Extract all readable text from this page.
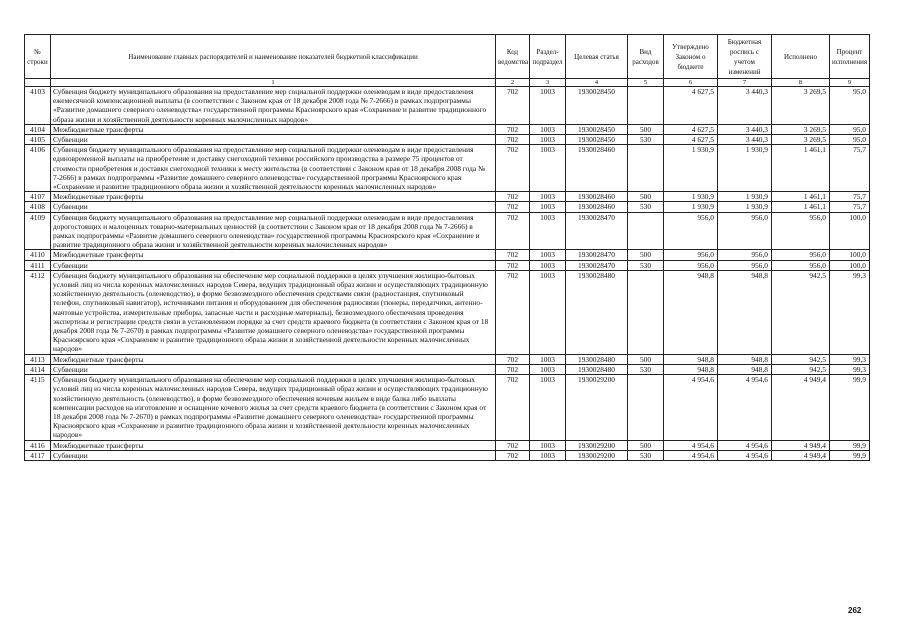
№ строки	Наименование главных распорядителей и наименование показателей бюджетной классификации	Код ведомства	Раздел-подраздел	Целевая статья	Вид расходов	Утверждено Законом о бюджете	Бюджетная роспись с учетом изменений	Исполнено	Процент исполнения
	1	2	3	4	5	6	7	8	9
4103	Субвенция бюджету муниципального образования на предоставление мер социальной поддержки оленеводам в виде предоставления ежемесячной компенсационной выплаты (в соответствии с Законом края от 18 декабря 2008 года № 7-2666) в рамках подпрограммы «Развитие домашнего северного оленеводства» государственной программы Красноярского края «Сохранение и развитие традиционного образа жизни и хозяйственной деятельности коренных малочисленных народов»	702	1003	1930028450		4 627,5	3 440,3	3 269,5	95,0
4104	Межбюджетные трансферты	702	1003	1930028450	500	4 627,5	3 440,3	3 269,5	95,0
4105	Субвенции	702	1003	1930028450	530	4 627,5	3 440,3	3 269,5	95,0
4106	Субвенция бюджету муниципального образования на предоставление мер социальной поддержки оленеводам в виде предоставления единовременной выплаты на приобретение и доставку снегоходной техники российского производства в размере 75 процентов от стоимости приобретения и доставки снегоходной техники к месту жительства (в соответствии с Законом края от 18 декабря 2008 года № 7-2666) в рамках подпрограммы «Развитие домашнего северного оленеводства» государственной программы Красноярского края «Сохранение и развитие традиционного образа жизни и хозяйственной деятельности коренных малочисленных народов»	702	1003	1930028460		1 930,9	1 930,9	1 461,1	75,7
4107	Межбюджетные трансферты	702	1003	1930028460	500	1 930,9	1 930,9	1 461,1	75,7
4108	Субвенции	702	1003	1930028460	530	1 930,9	1 930,9	1 461,1	75,7
4109	Субвенция бюджету муниципального образования на предоставление мер социальной поддержки оленеводам в виде предоставления дорогостоящих и малоценных товарно-материальных ценностей (в соответствии с Законом края от 18 декабря 2008 года № 7-2666) в рамках подпрограммы «Развитие домашнего северного оленеводства» государственной программы Красноярского края «Сохранение и развитие традиционного образа жизни и хозяйственной деятельности коренных малочисленных народов»	702	1003	1930028470		956,0	956,0	956,0	100,0
4110	Межбюджетные трансферты	702	1003	1930028470	500	956,0	956,0	956,0	100,0
4111	Субвенции	702	1003	1930028470	530	956,0	956,0	956,0	100,0
4112	Субвенция бюджету муниципального образования на обеспечение мер социальной поддержки в целях улучшения жилищно-бытовых условий лиц из числа коренных малочисленных народов Севера, ведущих традиционный образ жизни и осуществляющих традиционную хозяйственную деятельность (оленеводство), в форме безвозмездного обеспечения средствами связи (радиостанция, спутниковый телефон, спутниковый навигатор), источниками питания и оборудованием для обеспечения радиосвязи (тюнеры, передатчики, антенно-мачтовые устройства, измерительные приборы, запасные части и расходные материалы), безвозмездного обеспечения проведения экспертизы и регистрации средств связи в установленном порядке за счет средств краевого бюджета (в соответствии с Законом края от 18 декабря 2008 года № 7-2670) в рамках подпрограммы «Развитие домашнего северного оленеводства» государственной программы Красноярского края «Сохранение и развитие традиционного образа жизни и хозяйственной деятельности коренных малочисленных народов»	702	1003	1930028480		948,8	948,8	942,5	99,3
4113	Межбюджетные трансферты	702	1003	1930028480	500	948,8	948,8	942,5	99,3
4114	Субвенции	702	1003	1930028480	530	948,8	948,8	942,5	99,3
4115	Субвенция бюджету муниципального образования на обеспечение мер социальной поддержки в целях улучшения жилищно-бытовых условий лиц из числа коренных малочисленных народов Севера, ведущих традиционный образ жизни и осуществляющих традиционную хозяйственную деятельность (оленеводство), в форме безвозмездного обеспечения кочевым жильем в виде балка либо выплаты компенсации расходов на изготовление и оснащение кочевого жилья за счет средств краевого бюджета (в соответствии с Законом края от 18 декабря 2008 года № 7-2670) в рамках подпрограммы «Развитие домашнего северного оленеводства» государственной программы Красноярского края «Сохранение и развитие традиционного образа жизни и хозяйственной деятельности коренных малочисленных народов»	702	1003	1930029200		4 954,6	4 954,6	4 949,4	99,9
4116	Межбюджетные трансферты	702	1003	1930029200	500	4 954,6	4 954,6	4 949,4	99,9
4117	Субвенции	702	1003	1930029200	530	4 954,6	4 954,6	4 949,4	99,9
262
